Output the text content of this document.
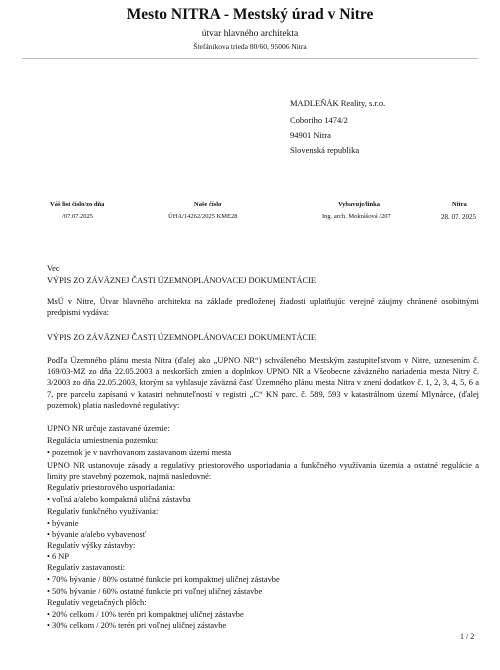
Mesto NITRA - Mestský úrad v Nitre
útvar hlavného architekta
Štefánikova trieda 80/60, 95006 Nitra
MADLEŇÁK Reality, s.r.o.
Coboriho 1474/2
94901 Nitra
Slovenská republika
Váš list číslo/zo dňa
/07.07.2025
Naše číslo
ÚHA/14262/2025 KME28
Vybavuje/linka
Ing. arch. Mokrášová /207
Nitra
28. 07. 2025
Vec
VÝPIS ZO ZÁVÄZNEJ ČASTI ÚZEMNOPLÁNOVACEJ DOKUMENTÁCIE
MsÚ v Nitre, Útvar hlavného architekta na základe predloženej žiadosti uplatňujúc verejné záujmy chránené osobitnými predpismi vydáva:
VÝPIS ZO ZÁVÄZNEJ ČASTI ÚZEMNOPLÁNOVACEJ DOKUMENTÁCIE
Podľa Územného plánu mesta Nitra (ďalej ako „UPNO NR“) schváleného Mestským zastupiteľstvom v Nitre, uznesením č. 169/03-MZ zo dňa 22.05.2003 a neskorších zmien a doplnkov UPNO NR a Všeobecne záväzného nariadenia mesta Nitry č. 3/2003 zo dňa 22.05.2003, ktorým sa vyhlasuje záväzná časť Územného plánu mesta Nitra v znení dodatkov č. 1, 2, 3, 4, 5, 6 a 7, pre parcelu zapísanú v katastri nehnuteľností v registri „C“ KN parc. č. 589, 593 v katastrálnom území Mlynárce, (ďalej pozemok) platia nasledovné regulatívy:
UPNO NR určuje zastavané územie:
Regulácia umiestnenia pozemku:
• pozemok je v navrhovanom zastavanom území mesta
UPNO NR ustanovuje zásady a regulatívy priestorového usporiadania a funkčného využívania územia a ostatné regulácie a limity pre stavebný pozemok, najmä nasledovné:
Regulatív priestorového usporiadania:
• voľná a/alebo kompaktná uličná zástavba
Regulatív funkčného využívania:
• bývanie
• bývanie a/alebo vybavenosť
Regulatív výšky zástavby:
• 6 NP
Regulatív zastavanosti:
• 70% bývanie / 80% ostatné funkcie pri kompaktnej uličnej zástavbe
• 50% bývanie / 60% ostatné funkcie pri voľnej uličnej zástavbe
Regulatív vegetačných plôch:
• 20% celkom / 10% terén pri kompaktnej uličnej zástavbe
• 30% celkom / 20% terén pri voľnej uličnej zástavbe
1 / 2
